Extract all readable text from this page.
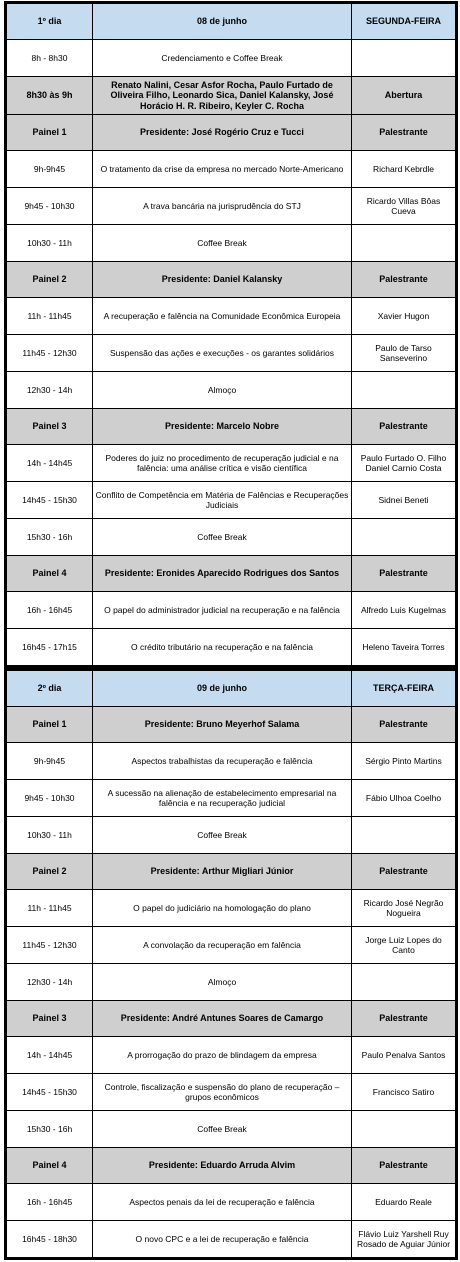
1º dia	08 de junho	SEGUNDA-FEIRA
8h - 8h30	Credenciamento e Coffee Break	
8h30 às 9h	Renato Nalini, Cesar Asfor Rocha, Paulo Furtado de Oliveira Filho, Leonardo Sica, Daniel Kalansky, José Horácio H. R. Ribeiro, Keyler C. Rocha	Abertura
Painel 1	Presidente: José Rogério Cruz e Tucci	Palestrante
9h-9h45	O tratamento da crise da empresa no mercado Norte-Americano	Richard Kebrdle
9h45 - 10h30	A trava bancária na jurisprudência do STJ	Ricardo Villas Bôas Cueva
10h30 - 11h	Coffee Break	
Painel 2	Presidente: Daniel Kalansky	Palestrante
11h - 11h45	A recuperação e falência na Comunidade Econômica Europeia	Xavier Hugon
11h45 - 12h30	Suspensão das ações e execuções - os garantes solidários	Paulo de Tarso Sanseverino
12h30 - 14h	Almoço	
Painel 3	Presidente: Marcelo Nobre	Palestrante
14h - 14h45	Poderes do juiz no procedimento de recuperação judicial e na falência: uma análise crítica e visão científica	Paulo Furtado O. Filho Daniel Carnio Costa
14h45 - 15h30	Conflito de Competência em Matéria de Falências e Recuperações Judiciais	Sidnei Beneti
15h30 - 16h	Coffee Break	
Painel 4	Presidente: Eronides Aparecido Rodrigues dos Santos	Palestrante
16h - 16h45	O papel do administrador judicial na recuperação e na falência	Alfredo Luis Kugelmas
16h45 - 17h15	O crédito tributário na recuperação e na falência	Heleno Taveira Torres
2º dia	09 de junho	TERÇA-FEIRA
Painel 1	Presidente: Bruno Meyerhof Salama	Palestrante
9h-9h45	Aspectos trabalhistas da recuperação e falência	Sérgio Pinto Martins
9h45 - 10h30	A sucessão na alienação de estabelecimento empresarial na falência e na recuperação judicial	Fábio Ulhoa Coelho
10h30 - 11h	Coffee Break	
Painel 2	Presidente: Arthur Migliari Júnior	Palestrante
11h - 11h45	O papel do judiciário na homologação do plano	Ricardo José Negrão Nogueira
11h45 - 12h30	A convolação da recuperação em falência	Jorge Luiz Lopes do Canto
12h30 - 14h	Almoço	
Painel 3	Presidente: André Antunes Soares de Camargo	Palestrante
14h - 14h45	A prorrogação do prazo de blindagem da empresa	Paulo Penalva Santos
14h45 - 15h30	Controle, fiscalização e suspensão do plano de recuperação – grupos econômicos	Francisco Satiro
15h30 - 16h	Coffee Break	
Painel 4	Presidente: Eduardo Arruda Alvim	Palestrante
16h - 16h45	Aspectos penais da lei de recuperação e falência	Eduardo Reale
16h45 - 18h30	O novo CPC e a lei de recuperação e falência	Flávio Luiz Yarshell Ruy Rosado de Aguiar Júnior
